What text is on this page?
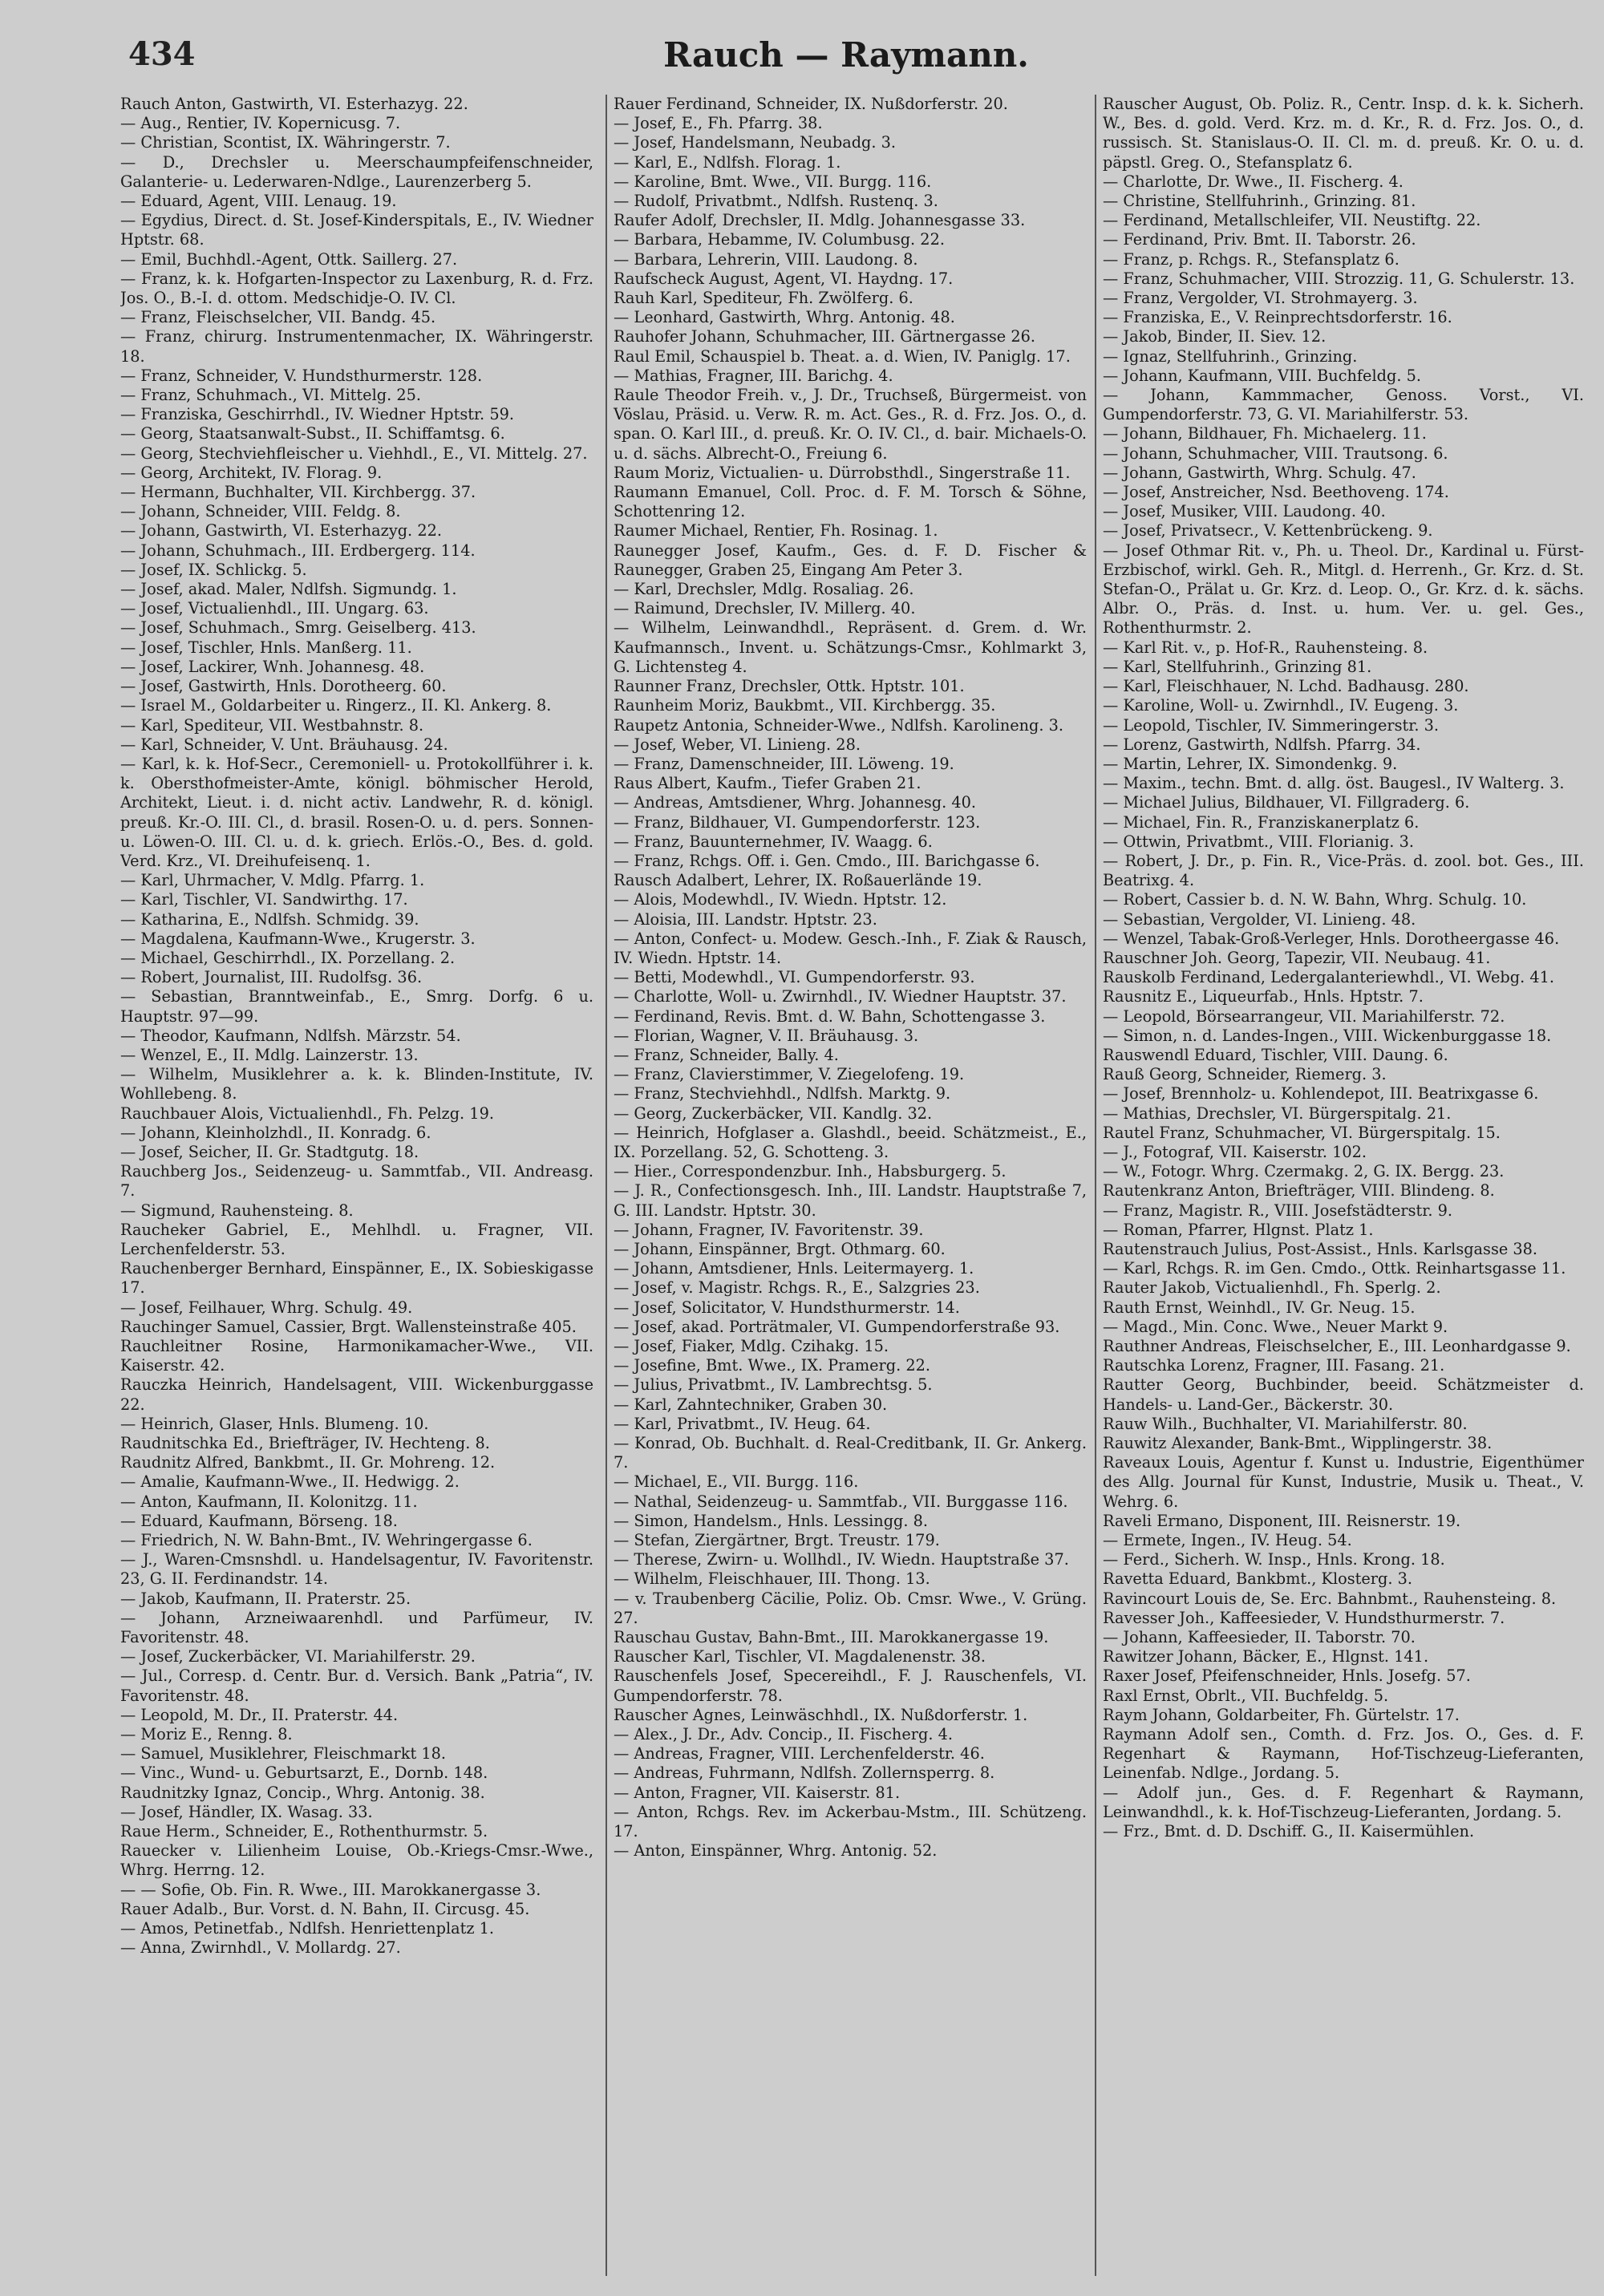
434	Rauch — Raymann.

Rauch Anton, Gastwirth, VI. Esterhazyg. 22.

— Aug., Rentier, IV. Kopernicusg. 7.

— Christian, Scontist, IX. Währingerstr. 7.

— D., Drechsler u. Meerschaumpfeifenschneider, Galanterie- u. Lederwaren-Ndlge., Laurenzerberg 5.

— Eduard, Agent, VIII. Lenaug. 19.

— Egydius, Direct. d. St. Josef-Kinderspitals, E., IV. Wiedner Hptstr. 68.

— Emil, Buchhdl.-Agent, Ottk. Saillerg. 27.

— Franz, k. k. Hofgarten-Inspector zu Laxenburg, R. d. Frz. Jos. O., B.-I. d. ottom. Medschidje-O. IV. Cl.

— Franz, Fleischselcher, VII. Bandg. 45.

— Franz, chirurg. Instrumentenmacher, IX. Währingerstr. 18.

— Franz, Schneider, V. Hundsthurmerstr. 128.

— Franz, Schuhmach., VI. Mittelg. 25.

— Franziska, Geschirrhdl., IV. Wiedner Hptstr. 59.

— Georg, Staatsanwalt-Subst., II. Schiffamtsg. 6.

— Georg, Stechviehfleischer u. Viehhdl., E., VI. Mittelg. 27.

— Georg, Architekt, IV. Florag. 9.

— Hermann, Buchhalter, VII. Kirchbergg. 37.

— Johann, Schneider, VIII. Feldg. 8.

— Johann, Gastwirth, VI. Esterhazyg. 22.

— Johann, Schuhmach., III. Erdbergerg. 114.

— Josef, IX. Schlickg. 5.

— Josef, akad. Maler, Ndlfsh. Sigmundg. 1.

— Josef, Victualienhdl., III. Ungarg. 63.

— Josef, Schuhmach., Smrg. Geiselberg. 413.

— Josef, Tischler, Hnls. Manßerg. 11.

— Josef, Lackirer, Wnh. Johannesg. 48.

— Josef, Gastwirth, Hnls. Dorotheerg. 60.

— Israel M., Goldarbeiter u. Ringerz., II. Kl. Ankerg. 8.

— Karl, Spediteur, VII. Westbahnstr. 8.

— Karl, Schneider, V. Unt. Bräuhausg. 24.

— Karl, k. k. Hof-Secr., Ceremoniell- u. Protokollführer i. k. k. Obersthofmeister-Amte, königl. böhmischer Herold, Architekt, Lieut. i. d. nicht activ. Landwehr, R. d. königl. preuß. Kr.-O. III. Cl., d. brasil. Rosen-O. u. d. pers. Sonnen- u. Löwen-O. III. Cl. u. d. k. griech. Erlös.-O., Bes. d. gold. Verd. Krz., VI. Dreihufeisenq. 1.

— Karl, Uhrmacher, V. Mdlg. Pfarrg. 1.

— Karl, Tischler, VI. Sandwirthg. 17.

— Katharina, E., Ndlfsh. Schmidg. 39.

— Magdalena, Kaufmann-Wwe., Krugerstr. 3.

— Michael, Geschirrhdl., IX. Porzellang. 2.

— Robert, Journalist, III. Rudolfsg. 36.

— Sebastian, Branntweinfab., E., Smrg. Dorfg. 6 u. Hauptstr. 97—99.

— Theodor, Kaufmann, Ndlfsh. Märzstr. 54.

— Wenzel, E., II. Mdlg. Lainzerstr. 13.

— Wilhelm, Musiklehrer a. k. k. Blinden-Institute, IV. Wohllebeng. 8.

Rauchbauer Alois, Victualienhdl., Fh. Pelzg. 19.

— Johann, Kleinholzhdl., II. Konradg. 6.

— Josef, Seicher, II. Gr. Stadtgutg. 18.

Rauchberg Jos., Seidenzeug- u. Sammtfab., VII. Andreasg. 7.

— Sigmund, Rauhensteing. 8.

Raucheker Gabriel, E., Mehlhdl. u. Fragner, VII. Lerchenfelderstr. 53.

Rauchenberger Bernhard, Einspänner, E., IX. Sobieskigasse 17.

— Josef, Feilhauer, Whrg. Schulg. 49.

Rauchinger Samuel, Cassier, Brgt. Wallensteinstraße 405.

Rauchleitner Rosine, Harmonikamacher-Wwe., VII. Kaiserstr. 42.

Rauczka Heinrich, Handelsagent, VIII. Wickenburggasse 22.

— Heinrich, Glaser, Hnls. Blumeng. 10.

Raudnitschka Ed., Briefträger, IV. Hechteng. 8.

Raudnitz Alfred, Bankbmt., II. Gr. Mohreng. 12.

— Amalie, Kaufmann-Wwe., II. Hedwigg. 2.

— Anton, Kaufmann, II. Kolonitzg. 11.

— Eduard, Kaufmann, Börseng. 18.

— Friedrich, N. W. Bahn-Bmt., IV. Wehringergasse 6.

— J., Waren-Cmsnshdl. u. Handelsagentur, IV. Favoritenstr. 23, G. II. Ferdinandstr. 14.

— Jakob, Kaufmann, II. Praterstr. 25.

— Johann, Arzneiwaarenhdl. und Parfümeur, IV. Favoritenstr. 48.

— Josef, Zuckerbäcker, VI. Mariahilferstr. 29.

— Jul., Corresp. d. Centr. Bur. d. Versich. Bank „Patria“, IV. Favoritenstr. 48.

— Leopold, M. Dr., II. Praterstr. 44.

— Moriz E., Renng. 8.

— Samuel, Musiklehrer, Fleischmarkt 18.

— Vinc., Wund- u. Geburtsarzt, E., Dornb. 148.

Raudnitzky Ignaz, Concip., Whrg. Antonig. 38.

— Josef, Händler, IX. Wasag. 33.

Raue Herm., Schneider, E., Rothenthurmstr. 5.

Rauecker v. Lilienheim Louise, Ob.-Kriegs-Cmsr.-Wwe., Whrg. Herrng. 12.

— — Sofie, Ob. Fin. R. Wwe., III. Marokkanergasse 3.

Rauer Adalb., Bur. Vorst. d. N. Bahn, II. Circusg. 45.

— Amos, Petinetfab., Ndlfsh. Henriettenplatz 1.

— Anna, Zwirnhdl., V. Mollardg. 27.

Rauer Ferdinand, Schneider, IX. Nußdorferstr. 20.

— Josef, E., Fh. Pfarrg. 38.

— Josef, Handelsmann, Neubadg. 3.

— Karl, E., Ndlfsh. Florag. 1.

— Karoline, Bmt. Wwe., VII. Burgg. 116.

— Rudolf, Privatbmt., Ndlfsh. Rustenq. 3.

Raufer Adolf, Drechsler, II. Mdlg. Johannesgasse 33.

— Barbara, Hebamme, IV. Columbusg. 22.

— Barbara, Lehrerin, VIII. Laudong. 8.

Raufscheck August, Agent, VI. Haydng. 17.

Rauh Karl, Spediteur, Fh. Zwölferg. 6.

— Leonhard, Gastwirth, Whrg. Antonig. 48.

Rauhofer Johann, Schuhmacher, III. Gärtnergasse 26.

Raul Emil, Schauspiel b. Theat. a. d. Wien, IV. Paniglg. 17.

— Mathias, Fragner, III. Barichg. 4.

Raule Theodor Freih. v., J. Dr., Truchseß, Bürgermeist. von Vöslau, Präsid. u. Verw. R. m. Act. Ges., R. d. Frz. Jos. O., d. span. O. Karl III., d. preuß. Kr. O. IV. Cl., d. bair. Michaels-O. u. d. sächs. Albrecht-O., Freiung 6.

Raum Moriz, Victualien- u. Dürrobsthdl., Singerstraße 11.

Raumann Emanuel, Coll. Proc. d. F. M. Torsch & Söhne, Schottenring 12.

Raumer Michael, Rentier, Fh. Rosinag. 1.

Raunegger Josef, Kaufm., Ges. d. F. D. Fischer & Raunegger, Graben 25, Eingang Am Peter 3.

— Karl, Drechsler, Mdlg. Rosaliag. 26.

— Raimund, Drechsler, IV. Millerg. 40.

— Wilhelm, Leinwandhdl., Repräsent. d. Grem. d. Wr. Kaufmannsch., Invent. u. Schätzungs-Cmsr., Kohlmarkt 3, G. Lichtensteg 4.

Raunner Franz, Drechsler, Ottk. Hptstr. 101.

Raunheim Moriz, Baukbmt., VII. Kirchbergg. 35.

Raupetz Antonia, Schneider-Wwe., Ndlfsh. Karolineng. 3.

— Josef, Weber, VI. Linieng. 28.

— Franz, Damenschneider, III. Löweng. 19.

Raus Albert, Kaufm., Tiefer Graben 21.

— Andreas, Amtsdiener, Whrg. Johannesg. 40.

— Franz, Bildhauer, VI. Gumpendorferstr. 123.

— Franz, Bauunternehmer, IV. Waagg. 6.

— Franz, Rchgs. Off. i. Gen. Cmdo., III. Barichgasse 6.

Rausch Adalbert, Lehrer, IX. Roßauerlände 19.

— Alois, Modewhdl., IV. Wiedn. Hptstr. 12.

— Aloisia, III. Landstr. Hptstr. 23.

— Anton, Confect- u. Modew. Gesch.-Inh., F. Ziak & Rausch, IV. Wiedn. Hptstr. 14.

— Betti, Modewhdl., VI. Gumpendorferstr. 93.

— Charlotte, Woll- u. Zwirnhdl., IV. Wiedner Hauptstr. 37.

— Ferdinand, Revis. Bmt. d. W. Bahn, Schottengasse 3.

— Florian, Wagner, V. II. Bräuhausg. 3.

— Franz, Schneider, Bally. 4.

— Franz, Clavierstimmer, V. Ziegelofeng. 19.

— Franz, Stechviehhdl., Ndlfsh. Marktg. 9.

— Georg, Zuckerbäcker, VII. Kandlg. 32.

— Heinrich, Hofglaser a. Glashdl., beeid. Schätzmeist., E., IX. Porzellang. 52, G. Schotteng. 3.

— Hier., Correspondenzbur. Inh., Habsburgerg. 5.

— J. R., Confectionsgesch. Inh., III. Landstr. Hauptstraße 7, G. III. Landstr. Hptstr. 30.

— Johann, Fragner, IV. Favoritenstr. 39.

— Johann, Einspänner, Brgt. Othmarg. 60.

— Johann, Amtsdiener, Hnls. Leitermayerg. 1.

— Josef, v. Magistr. Rchgs. R., E., Salzgries 23.

— Josef, Solicitator, V. Hundsthurmerstr. 14.

— Josef, akad. Porträtmaler, VI. Gumpendorferstraße 93.

— Josef, Fiaker, Mdlg. Czihakg. 15.

— Josefine, Bmt. Wwe., IX. Pramerg. 22.

— Julius, Privatbmt., IV. Lambrechtsg. 5.

— Karl, Zahntechniker, Graben 30.

— Karl, Privatbmt., IV. Heug. 64.

— Konrad, Ob. Buchhalt. d. Real-Creditbank, II. Gr. Ankerg. 7.

— Michael, E., VII. Burgg. 116.

— Nathal, Seidenzeug- u. Sammtfab., VII. Burggasse 116.

— Simon, Handelsm., Hnls. Lessingg. 8.

— Stefan, Ziergärtner, Brgt. Treustr. 179.

— Therese, Zwirn- u. Wollhdl., IV. Wiedn. Hauptstraße 37.

— Wilhelm, Fleischhauer, III. Thong. 13.

— v. Traubenberg Cäcilie, Poliz. Ob. Cmsr. Wwe., V. Grüng. 27.

Rauschau Gustav, Bahn-Bmt., III. Marokkanergasse 19.

Rauscher Karl, Tischler, VI. Magdalenenstr. 38.

Rauschenfels Josef, Specereihdl., F. J. Rauschenfels, VI. Gumpendorferstr. 78.

Rauscher Agnes, Leinwäschhdl., IX. Nußdorferstr. 1.

— Alex., J. Dr., Adv. Concip., II. Fischerg. 4.

— Andreas, Fragner, VIII. Lerchenfelderstr. 46.

— Andreas, Fuhrmann, Ndlfsh. Zollernsperrg. 8.

— Anton, Fragner, VII. Kaiserstr. 81.

— Anton, Rchgs. Rev. im Ackerbau-Mstm., III. Schützeng. 17.

— Anton, Einspänner, Whrg. Antonig. 52.

Rauscher August, Ob. Poliz. R., Centr. Insp. d. k. k. Sicherh. W., Bes. d. gold. Verd. Krz. m. d. Kr., R. d. Frz. Jos. O., d. russisch. St. Stanislaus-O. II. Cl. m. d. preuß. Kr. O. u. d. päpstl. Greg. O., Stefansplatz 6.

— Charlotte, Dr. Wwe., II. Fischerg. 4.

— Christine, Stellfuhrinh., Grinzing. 81.

— Ferdinand, Metallschleifer, VII. Neustiftg. 22.

— Ferdinand, Priv. Bmt. II. Taborstr. 26.

— Franz, p. Rchgs. R., Stefansplatz 6.

— Franz, Schuhmacher, VIII. Strozzig. 11, G. Schulerstr. 13.

— Franz, Vergolder, VI. Strohmayerg. 3.

— Franziska, E., V. Reinprechtsdorferstr. 16.

— Jakob, Binder, II. Siev. 12.

— Ignaz, Stellfuhrinh., Grinzing.

— Johann, Kaufmann, VIII. Buchfeldg. 5.

— Johann, Kammmacher, Genoss. Vorst., VI. Gumpendorferstr. 73, G. VI. Mariahilferstr. 53.

— Johann, Bildhauer, Fh. Michaelerg. 11.

— Johann, Schuhmacher, VIII. Trautsong. 6.

— Johann, Gastwirth, Whrg. Schulg. 47.

— Josef, Anstreicher, Nsd. Beethoveng. 174.

— Josef, Musiker, VIII. Laudong. 40.

— Josef, Privatsecr., V. Kettenbrückeng. 9.

— Josef Othmar Rit. v., Ph. u. Theol. Dr., Kardinal u. Fürst-Erzbischof, wirkl. Geh. R., Mitgl. d. Herrenh., Gr. Krz. d. St. Stefan-O., Prälat u. Gr. Krz. d. Leop. O., Gr. Krz. d. k. sächs. Albr. O., Präs. d. Inst. u. hum. Ver. u. gel. Ges., Rothenthurmstr. 2.

— Karl Rit. v., p. Hof-R., Rauhensteing. 8.

— Karl, Stellfuhrinh., Grinzing 81.

— Karl, Fleischhauer, N. Lchd. Badhausg. 280.

— Karoline, Woll- u. Zwirnhdl., IV. Eugeng. 3.

— Leopold, Tischler, IV. Simmeringerstr. 3.

— Lorenz, Gastwirth, Ndlfsh. Pfarrg. 34.

— Martin, Lehrer, IX. Simondenkg. 9.

— Maxim., techn. Bmt. d. allg. öst. Baugesl., IV Walterg. 3.

— Michael Julius, Bildhauer, VI. Fillgraderg. 6.

— Michael, Fin. R., Franziskanerplatz 6.

— Ottwin, Privatbmt., VIII. Florianig. 3.

— Robert, J. Dr., p. Fin. R., Vice-Präs. d. zool. bot. Ges., III. Beatrixg. 4.

— Robert, Cassier b. d. N. W. Bahn, Whrg. Schulg. 10.

— Sebastian, Vergolder, VI. Linieng. 48.

— Wenzel, Tabak-Groß-Verleger, Hnls. Dorotheergasse 46.

Rauschner Joh. Georg, Tapezir, VII. Neubaug. 41.

Rauskolb Ferdinand, Ledergalanteriewhdl., VI. Webg. 41.

Rausnitz E., Liqueurfab., Hnls. Hptstr. 7.

— Leopold, Börsearrangeur, VII. Mariahilferstr. 72.

— Simon, n. d. Landes-Ingen., VIII. Wickenburggasse 18.

Rauswendl Eduard, Tischler, VIII. Daung. 6.

Rauß Georg, Schneider, Riemerg. 3.

— Josef, Brennholz- u. Kohlendepot, III. Beatrixgasse 6.

— Mathias, Drechsler, VI. Bürgerspitalg. 21.

Rautel Franz, Schuhmacher, VI. Bürgerspitalg. 15.

— J., Fotograf, VII. Kaiserstr. 102.

— W., Fotogr. Whrg. Czermakg. 2, G. IX. Bergg. 23.

Rautenkranz Anton, Briefträger, VIII. Blindeng. 8.

— Franz, Magistr. R., VIII. Josefstädterstr. 9.

— Roman, Pfarrer, Hlgnst. Platz 1.

Rautenstrauch Julius, Post-Assist., Hnls. Karlsgasse 38.

— Karl, Rchgs. R. im Gen. Cmdo., Ottk. Reinhartsgasse 11.

Rauter Jakob, Victualienhdl., Fh. Sperlg. 2.

Rauth Ernst, Weinhdl., IV. Gr. Neug. 15.

— Magd., Min. Conc. Wwe., Neuer Markt 9.

Rauthner Andreas, Fleischselcher, E., III. Leonhardgasse 9.

Rautschka Lorenz, Fragner, III. Fasang. 21.

Rautter Georg, Buchbinder, beeid. Schätzmeister d. Handels- u. Land-Ger., Bäckerstr. 30.

Rauw Wilh., Buchhalter, VI. Mariahilferstr. 80.

Rauwitz Alexander, Bank-Bmt., Wipplingerstr. 38.

Raveaux Louis, Agentur f. Kunst u. Industrie, Eigenthümer des Allg. Journal für Kunst, Industrie, Musik u. Theat., V. Wehrg. 6.

Raveli Ermano, Disponent, III. Reisnerstr. 19.

— Ermete, Ingen., IV. Heug. 54.

— Ferd., Sicherh. W. Insp., Hnls. Krong. 18.

Ravetta Eduard, Bankbmt., Klosterg. 3.

Ravincourt Louis de, Se. Erc. Bahnbmt., Rauhensteing. 8.

Ravesser Joh., Kaffeesieder, V. Hundsthurmerstr. 7.

— Johann, Kaffeesieder, II. Taborstr. 70.

Rawitzer Johann, Bäcker, E., Hlgnst. 141.

Raxer Josef, Pfeifenschneider, Hnls. Josefg. 57.

Raxl Ernst, Obrlt., VII. Buchfeldg. 5.

Raym Johann, Goldarbeiter, Fh. Gürtelstr. 17.

Raymann Adolf sen., Comth. d. Frz. Jos. O., Ges. d. F. Regenhart & Raymann, Hof-Tischzeug-Lieferanten, Leinenfab. Ndlge., Jordang. 5.

— Adolf jun., Ges. d. F. Regenhart & Raymann, Leinwandhdl., k. k. Hof-Tischzeug-Lieferanten, Jordang. 5.

— Frz., Bmt. d. D. Dschiff. G., II. Kaisermühlen.
